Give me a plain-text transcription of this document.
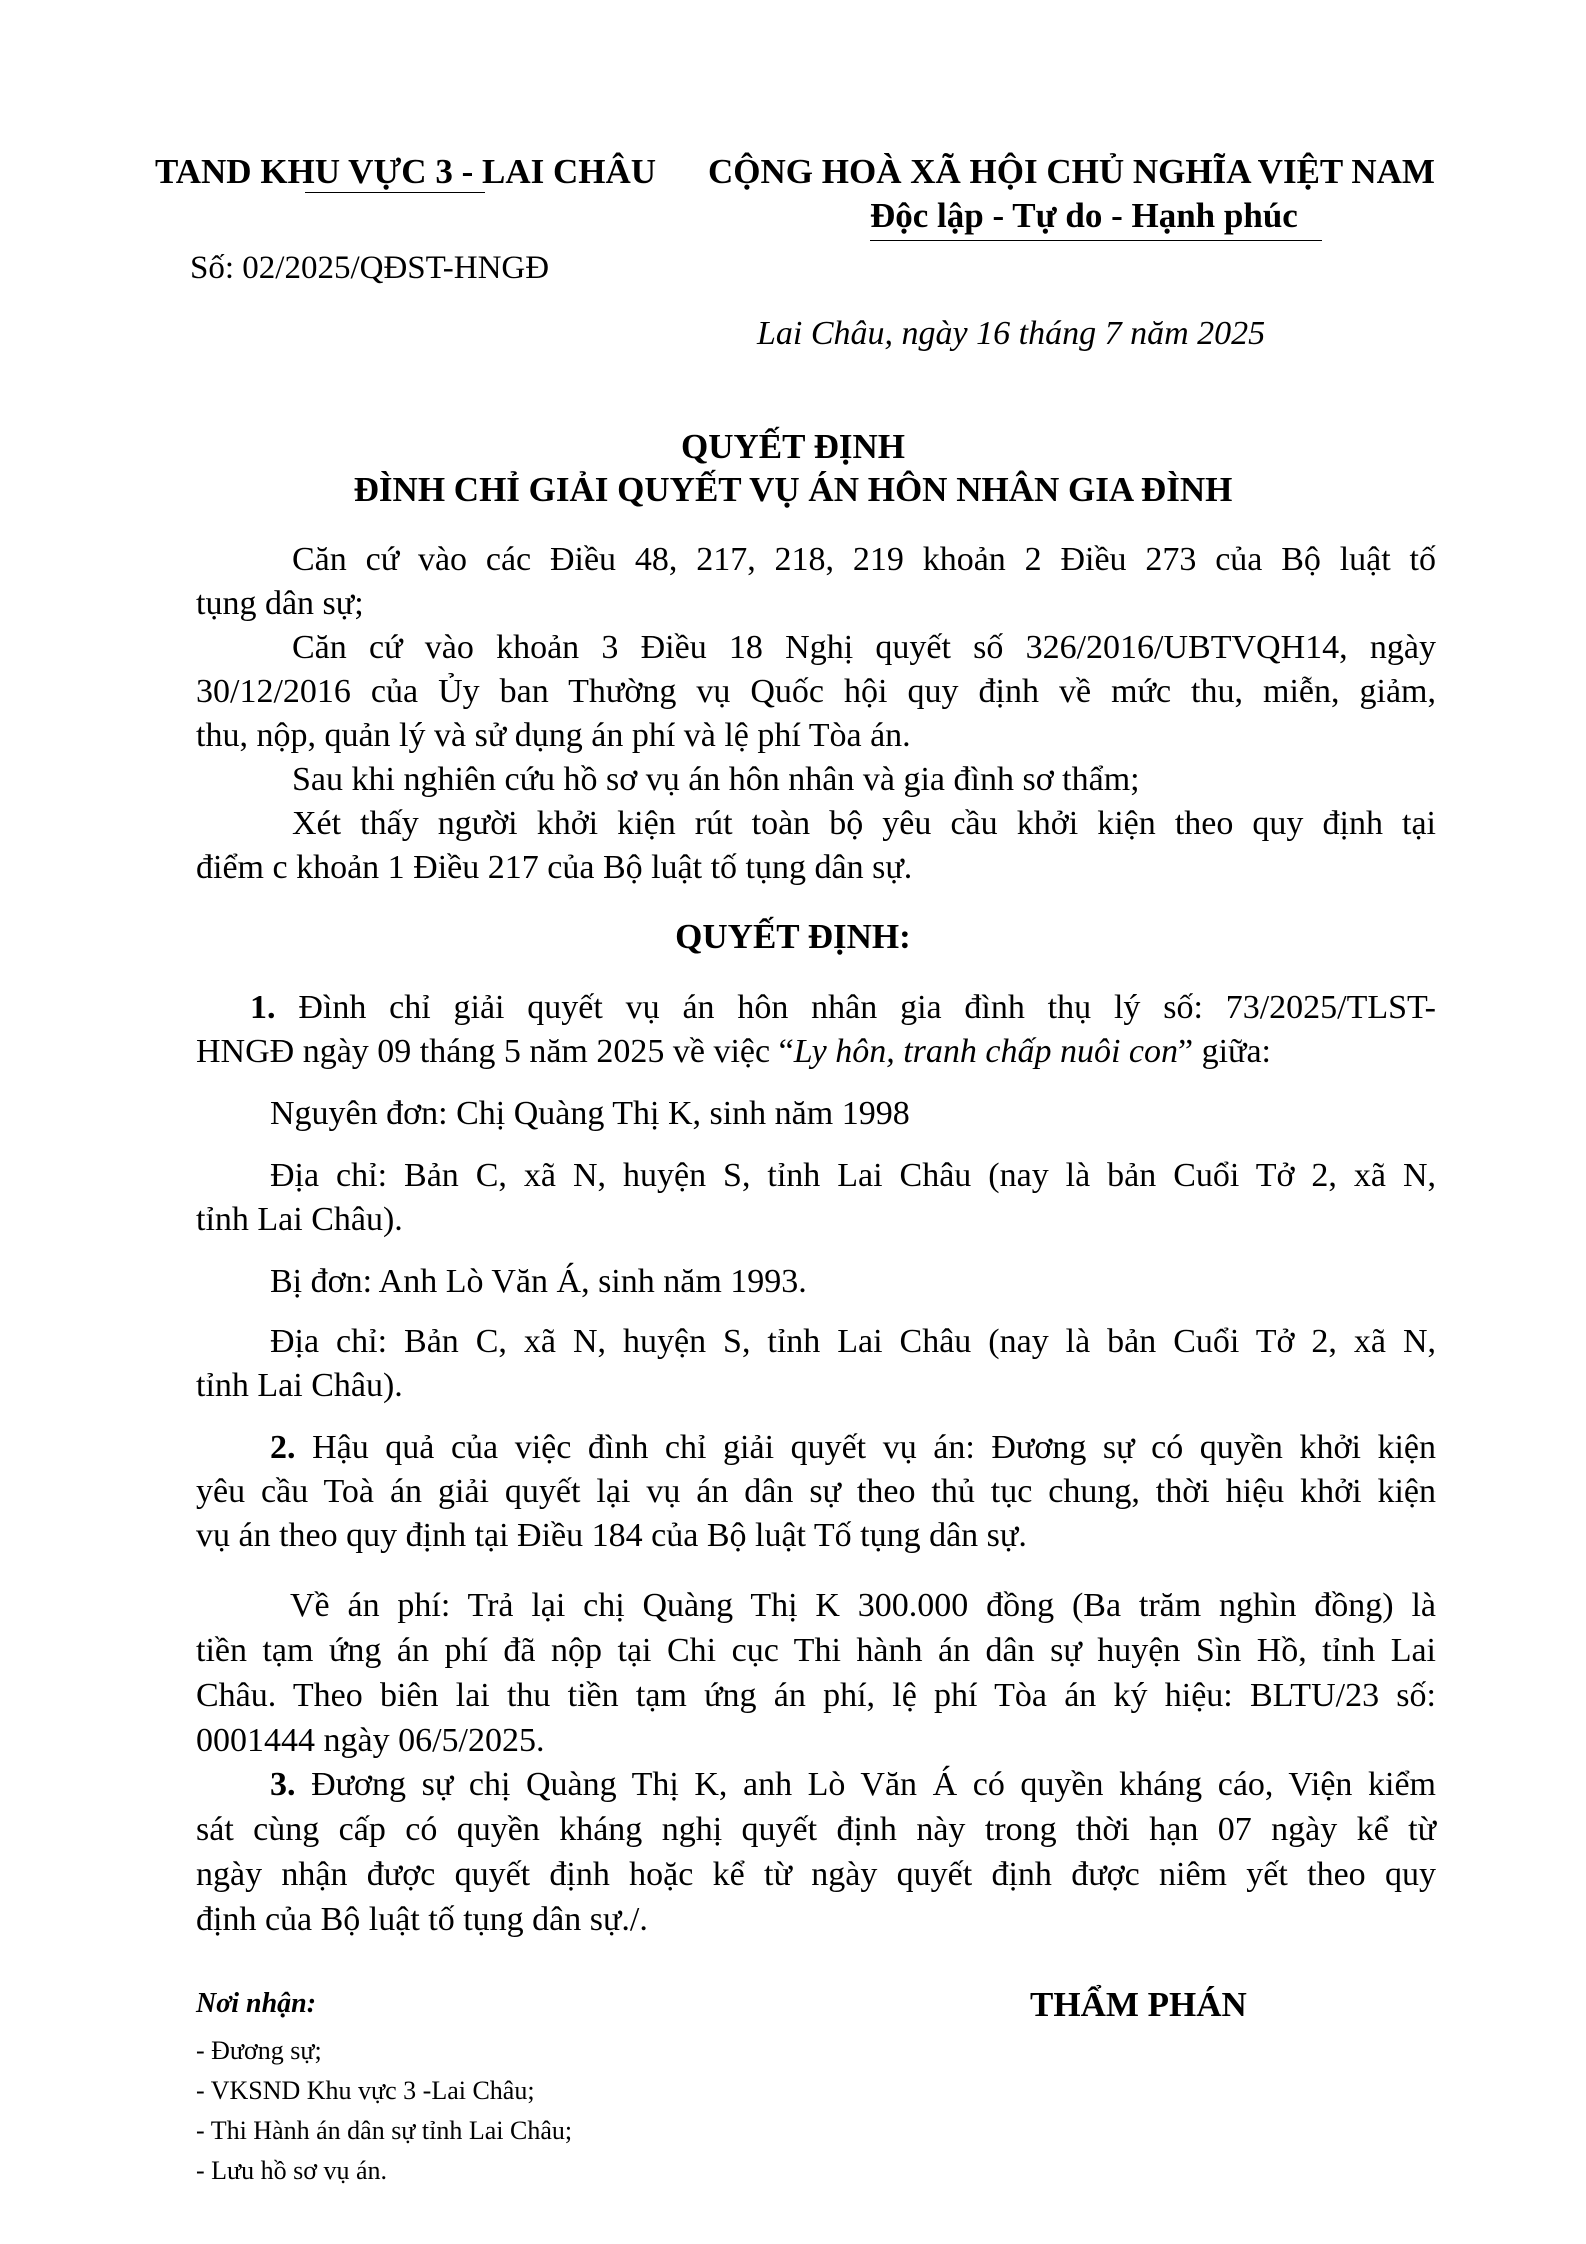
TAND KHU VỰC 3 - LAI CHÂU CỘNG HOÀ XÃ HỘI CHỦ NGHĨA VIỆT NAM
Độc lập - Tự do - Hạnh phúc
Số: 02/2025/QĐST-HNGĐ
Lai Châu, ngày 16 tháng 7 năm 2025
QUYẾT ĐỊNH
ĐÌNH CHỈ GIẢI QUYẾT VỤ ÁN HÔN NHÂN GIA ĐÌNH
Căn cứ vào các Điều 48, 217, 218, 219 khoản 2 Điều 273 của Bộ luật tố
tụng dân sự;
Căn cứ vào khoản 3 Điều 18 Nghị quyết số 326/2016/UBTVQH14, ngày
30/12/2016 của Ủy ban Thường vụ Quốc hội quy định về mức thu, miễn, giảm,
thu, nộp, quản lý và sử dụng án phí và lệ phí Tòa án.
Sau khi nghiên cứu hồ sơ vụ án hôn nhân và gia đình sơ thẩm;
Xét thấy người khởi kiện rút toàn bộ yêu cầu khởi kiện theo quy định tại
điểm c khoản 1 Điều 217 của Bộ luật tố tụng dân sự.
QUYẾT ĐỊNH:
1. Đình chỉ giải quyết vụ án hôn nhân gia đình thụ lý số: 73/2025/TLST-
HNGĐ ngày 09 tháng 5 năm 2025 về việc “Ly hôn, tranh chấp nuôi con” giữa:
Nguyên đơn: Chị Quàng Thị K, sinh năm 1998
Địa chỉ: Bản C, xã N, huyện S, tỉnh Lai Châu (nay là bản Cuổi Tở 2, xã N,
tỉnh Lai Châu).
Bị đơn: Anh Lò Văn Á, sinh năm 1993.
Địa chỉ: Bản C, xã N, huyện S, tỉnh Lai Châu (nay là bản Cuổi Tở 2, xã N,
tỉnh Lai Châu).
2. Hậu quả của việc đình chỉ giải quyết vụ án: Đương sự có quyền khởi kiện
yêu cầu Toà án giải quyết lại vụ án dân sự theo thủ tục chung, thời hiệu khởi kiện
vụ án theo quy định tại Điều 184 của Bộ luật Tố tụng dân sự.
Về án phí: Trả lại chị Quàng Thị K 300.000 đồng (Ba trăm nghìn đồng) là
tiền tạm ứng án phí đã nộp tại Chi cục Thi hành án dân sự huyện Sìn Hồ, tỉnh Lai
Châu. Theo biên lai thu tiền tạm ứng án phí, lệ phí Tòa án ký hiệu: BLTU/23 số:
0001444 ngày 06/5/2025.
3. Đương sự chị Quàng Thị K, anh Lò Văn Á có quyền kháng cáo, Viện kiểm
sát cùng cấp có quyền kháng nghị quyết định này trong thời hạn 07 ngày kể từ
ngày nhận được quyết định hoặc kể từ ngày quyết định được niêm yết theo quy
định của Bộ luật tố tụng dân sự./.
Nơi nhận:
- Đương sự;
- VKSND Khu vực 3 -Lai Châu;
- Thi Hành án dân sự tỉnh Lai Châu;
- Lưu hồ sơ vụ án.
THẨM PHÁN
